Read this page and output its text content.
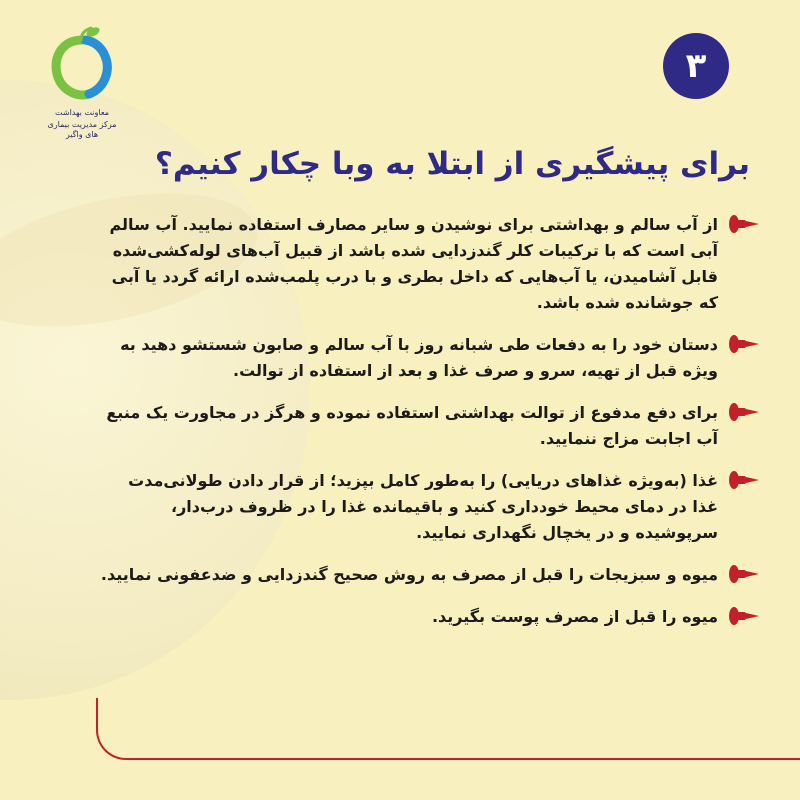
معاونت بهداشت
مرکز مدیریت بیماری های واگیر
۳
برای پیشگیری از ابتلا به وبا چکار کنیم؟
از آب سالم و بهداشتی برای نوشیدن و سایر مصارف استفاده نمایید. آب سالم آبی است که با ترکیبات کلر گندزدایی شده باشد از قبیل آب‌های لوله‌کشی‌شده قابل آشامیدن، یا آب‌هایی که داخل بطری و با درب پلمب‌شده ارائه گردد یا آبی که جوشانده شده باشد.
دستان خود را به دفعات طی شبانه روز با آب سالم و صابون شستشو دهید به ویژه قبل از تهیه، سرو و صرف غذا و بعد از استفاده از توالت.
برای دفع مدفوع از توالت بهداشتی استفاده نموده و هرگز در مجاورت یک منبع آب اجابت مزاج ننمایید.
غذا (به‌ویژه غذاهای دریایی) را به‌طور کامل بپزید؛ از قرار دادن طولانی‌مدت غذا در دمای محیط خودداری کنید و باقیمانده غذا را در ظروف درب‌دار، سرپوشیده و در یخچال نگهداری نمایید.
میوه و سبزیجات را قبل از مصرف به روش صحیح گندزدایی و ضدعفونی نمایید.
میوه را قبل از مصرف پوست بگیرید.
